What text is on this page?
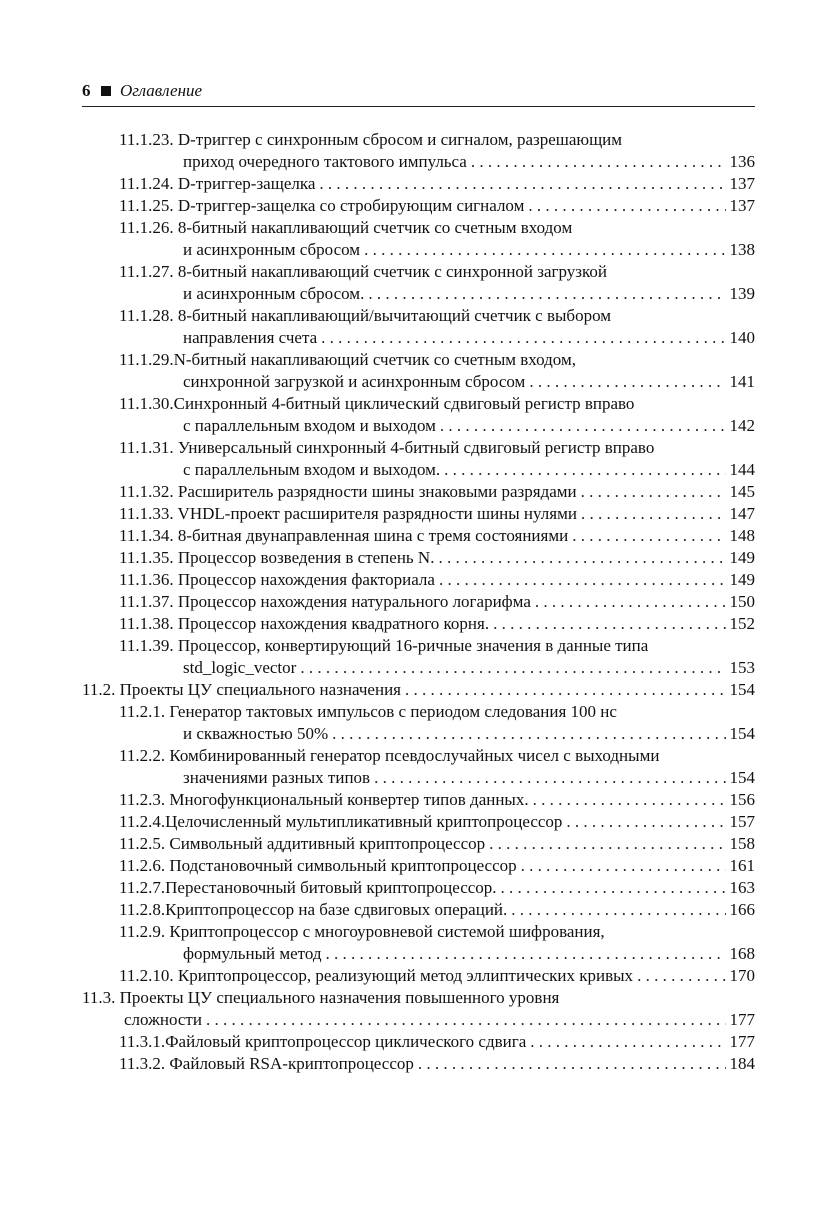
6 Оглавление
11.1.23. D-триггер с синхронным сбросом и сигналом, разрешающим
приход очередного тактового импульса . . .	136
11.1.24. D-триггер-защелка . . .	137
11.1.25. D-триггер-защелка со стробирующим сигналом . . .	137
11.1.26. 8-битный накапливающий счетчик со счетным входом
и асинхронным сбросом . . .	138
11.1.27. 8-битный накапливающий счетчик с синхронной загрузкой
и асинхронным сбросом. . . .	139
11.1.28. 8-битный накапливающий/вычитающий счетчик с выбором
направления счета . . .	140
11.1.29.N-битный накапливающий счетчик со счетным входом,
синхронной загрузкой и асинхронным сбросом . . .	141
11.1.30.Синхронный 4-битный циклический сдвиговый регистр вправо
с параллельным входом и выходом . . .	142
11.1.31. Универсальный синхронный 4-битный сдвиговый регистр вправо
с параллельным входом и выходом. . . .	144
11.1.32. Расширитель разрядности шины знаковыми разрядами . . .	145
11.1.33. VHDL-проект расширителя разрядности шины нулями . . .	147
11.1.34. 8-битная двунаправленная шина с тремя состояниями . . .	148
11.1.35. Процессор возведения в степень N. . . .	149
11.1.36. Процессор нахождения факториала . . .	149
11.1.37. Процессор нахождения натурального логарифма . . .	150
11.1.38. Процессор нахождения квадратного корня. . . .	152
11.1.39. Процессор, конвертирующий 16-ричные значения в данные типа
std_logic_vector . . .	153
11.2. Проекты ЦУ специального назначения . . .	154
11.2.1. Генератор тактовых импульсов с периодом следования 100 нс
и скважностью 50% . . .	154
11.2.2. Комбинированный генератор псевдослучайных чисел с выходными
значениями разных типов . . .	154
11.2.3. Многофункциональный конвертер типов данных. . . .	156
11.2.4.Целочисленный мультипликативный криптопроцессор . . .	157
11.2.5. Символьный аддитивный криптопроцессор . . .	158
11.2.6. Подстановочный символьный криптопроцессор . . .	161
11.2.7.Перестановочный битовый криптопроцессор. . . .	163
11.2.8.Криптопроцессор на базе сдвиговых операций. . . .	166
11.2.9. Криптопроцессор с многоуровневой системой шифрования,
формульный метод . . .	168
11.2.10. Криптопроцессор, реализующий метод эллиптических кривых . . .	170
11.3. Проекты ЦУ специального назначения повышенного уровня
сложности . . .	177
11.3.1.Файловый криптопроцессор циклического сдвига . . .	177
11.3.2. Файловый RSA-криптопроцессор . . .	184
